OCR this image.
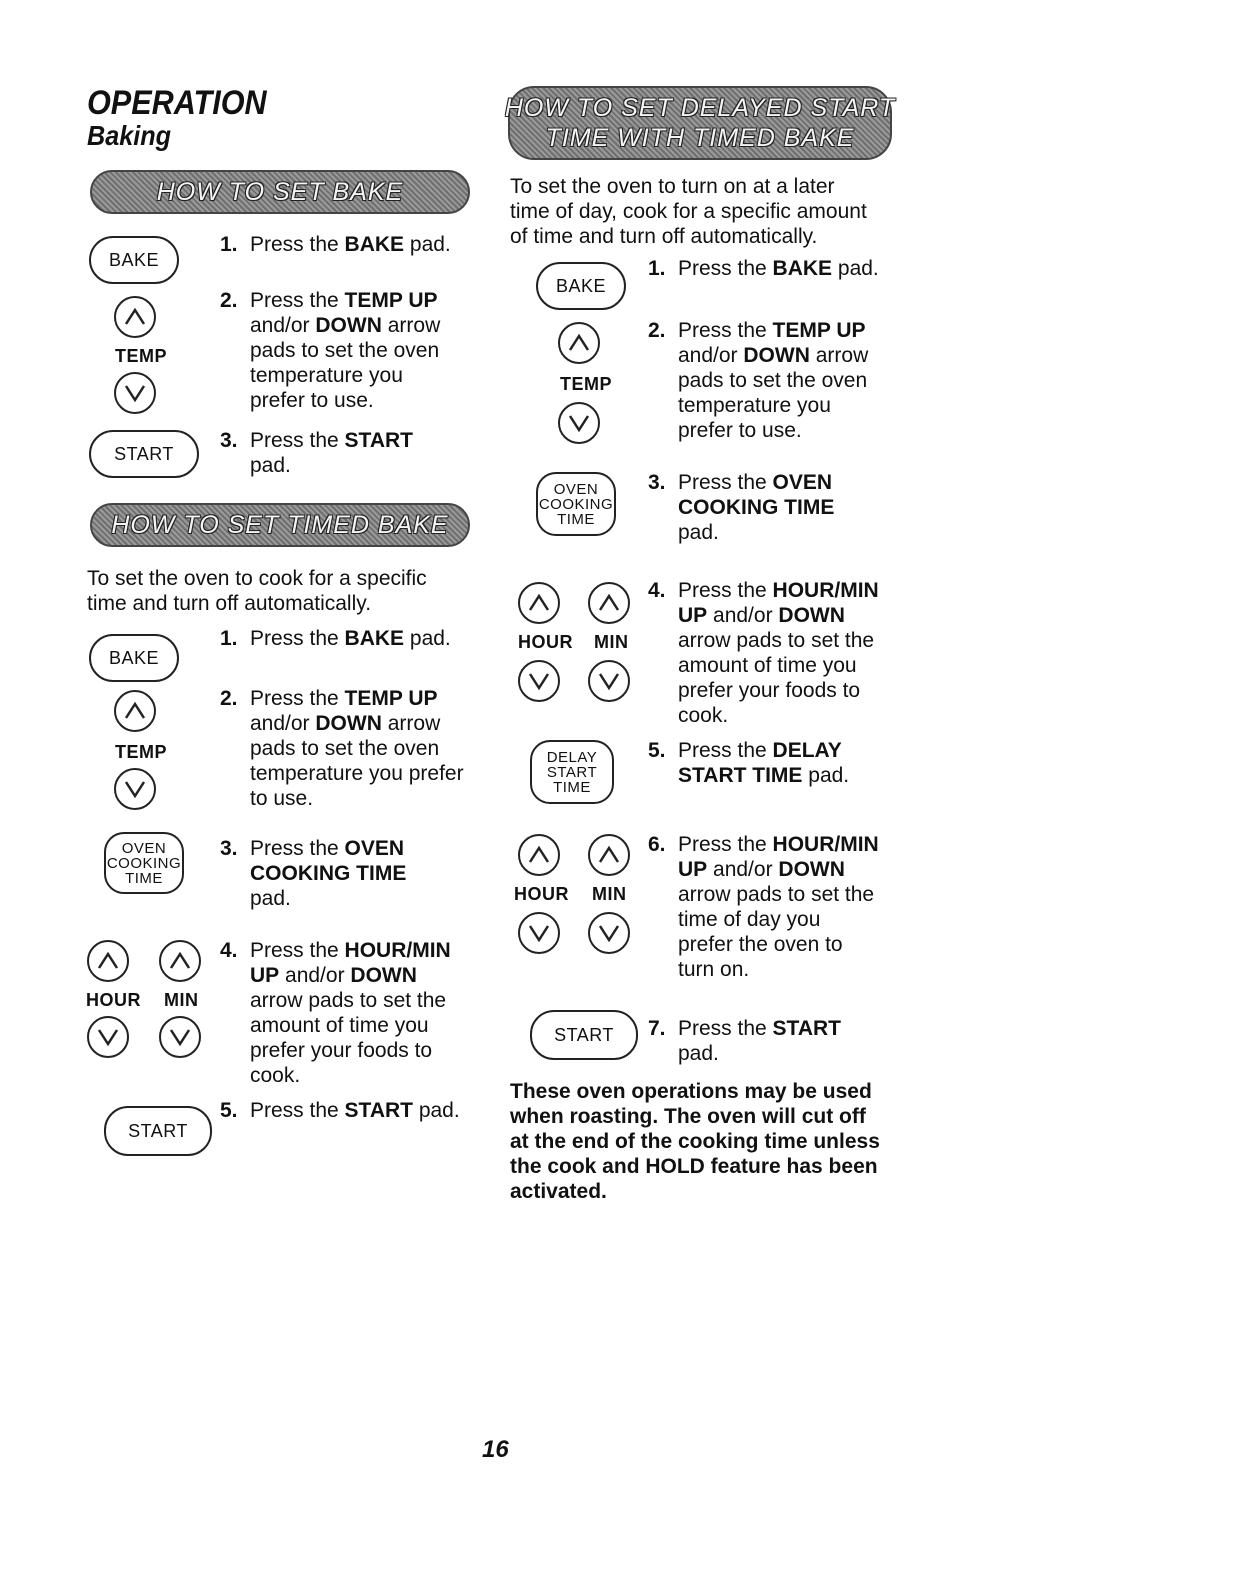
OPERATION
Baking
HOW TO SET BAKE
BAKE
1. Press the BAKE pad.
TEMP
2. Press the TEMP UP
and/or DOWN arrow
pads to set the oven
temperature you
prefer to use.
START
3. Press the START
pad.
HOW TO SET TIMED BAKE
To set the oven to cook for a specific
time and turn off automatically.
BAKE
1. Press the BAKE pad.
TEMP
2. Press the TEMP UP
and/or DOWN arrow
pads to set the oven
temperature you prefer
to use.
OVEN
COOKING
TIME
3. Press the OVEN
COOKING TIME
pad.
HOUR MIN
4. Press the HOUR/MIN
UP and/or DOWN
arrow pads to set the
amount of time you
prefer your foods to
cook.
START
5. Press the START pad.
HOW TO SET DELAYED START
TIME WITH TIMED BAKE
To set the oven to turn on at a later
time of day, cook for a specific amount
of time and turn off automatically.
BAKE
1. Press the BAKE pad.
TEMP
2. Press the TEMP UP
and/or DOWN arrow
pads to set the oven
temperature you
prefer to use.
OVEN
COOKING
TIME
3. Press the OVEN
COOKING TIME
pad.
HOUR MIN
4. Press the HOUR/MIN
UP and/or DOWN
arrow pads to set the
amount of time you
prefer your foods to
cook.
DELAY
START
TIME
5. Press the DELAY
START TIME pad.
HOUR MIN
6. Press the HOUR/MIN
UP and/or DOWN
arrow pads to set the
time of day you
prefer the oven to
turn on.
START 7. Press the START
pad.
These oven operations may be used
when roasting. The oven will cut off
at the end of the cooking time unless
the cook and HOLD feature has been
activated.
16
